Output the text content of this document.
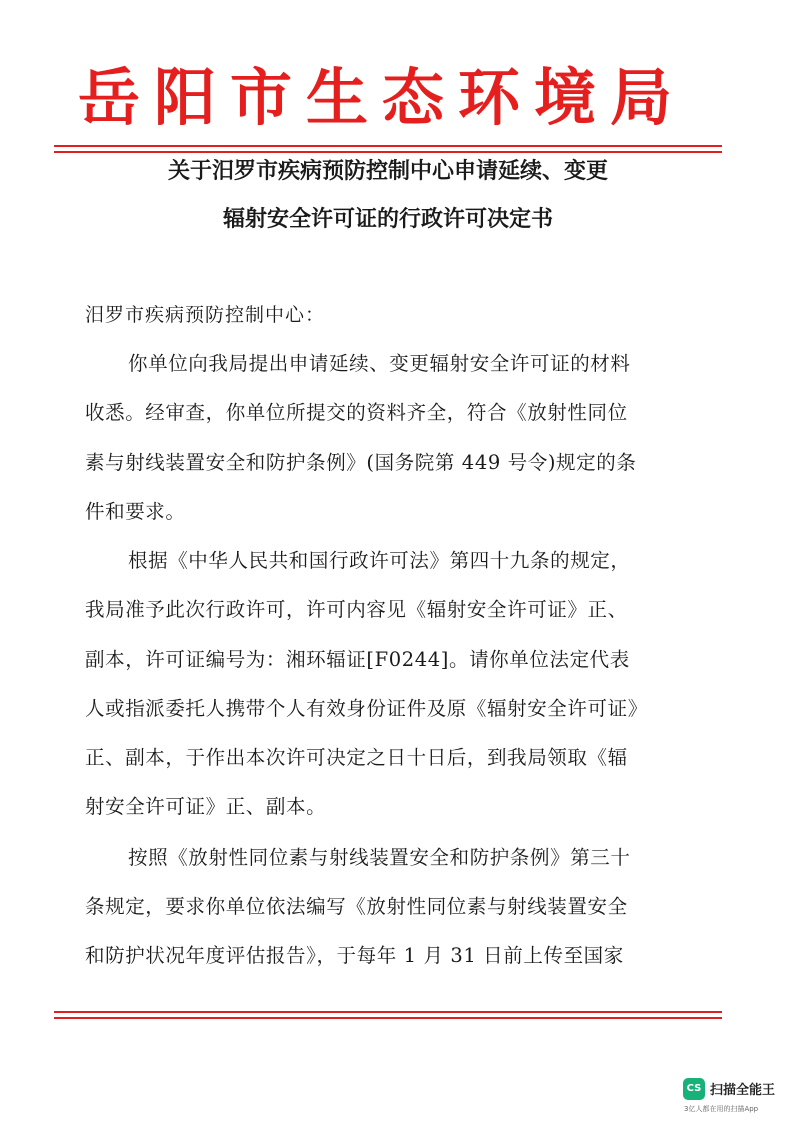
岳阳市生态环境局
关于汨罗市疾病预防控制中心申请延续、变更
辐射安全许可证的行政许可决定书
汨罗市疾病预防控制中心：
你单位向我局提出申请延续、变更辐射安全许可证的材料
收悉。经审查，你单位所提交的资料齐全，符合《放射性同位
素与射线装置安全和防护条例》(国务院第 449 号令)规定的条
件和要求。
根据《中华人民共和国行政许可法》第四十九条的规定，
我局准予此次行政许可，许可内容见《辐射安全许可证》正、
副本，许可证编号为：湘环辐证[F0244]。请你单位法定代表
人或指派委托人携带个人有效身份证件及原《辐射安全许可证》
正、副本，于作出本次许可决定之日十日后，到我局领取《辐
射安全许可证》正、副本。
按照《放射性同位素与射线装置安全和防护条例》第三十
条规定，要求你单位依法编写《放射性同位素与射线装置安全
和防护状况年度评估报告》，于每年 1 月 31 日前上传至国家
CS 扫描全能王
3亿人都在用的扫描App
